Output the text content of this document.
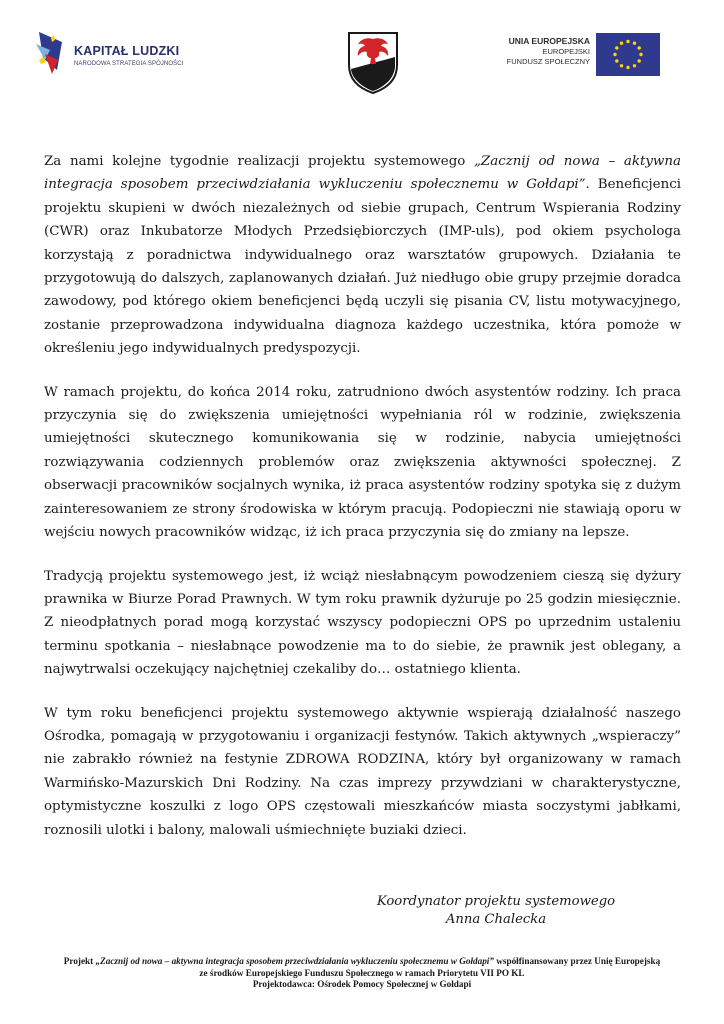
KAPITAŁ LUDZKI
NARODOWA STRATEGIA SPÓJNOŚCI
UNIA EUROPEJSKA
EUROPEJSKI
FUNDUSZ SPOŁECZNY

Za nami kolejne tygodnie realizacji projektu systemowego „Zacznij od nowa – aktywna integracja sposobem przeciwdziałania wykluczeniu społecznemu w Gołdapi”. Beneficjenci projektu skupieni w dwóch niezależnych od siebie grupach, Centrum Wspierania Rodziny (CWR) oraz Inkubatorze Młodych Przedsiębiorczych (IMP-uls), pod okiem psychologa korzystają z poradnictwa indywidualnego oraz warsztatów grupowych. Działania te przygotowują do dalszych, zaplanowanych działań. Już niedługo obie grupy przejmie doradca zawodowy, pod którego okiem beneficjenci będą uczyli się pisania CV, listu motywacyjnego, zostanie przeprowadzona indywidualna diagnoza każdego uczestnika, która pomoże w określeniu jego indywidualnych predyspozycji.

W ramach projektu, do końca 2014 roku, zatrudniono dwóch asystentów rodziny. Ich praca przyczynia się do zwiększenia umiejętności wypełniania ról w rodzinie, zwiększenia umiejętności skutecznego komunikowania się w rodzinie, nabycia umiejętności rozwiązywania codziennych problemów oraz zwiększenia aktywności społecznej. Z obserwacji pracowników socjalnych wynika, iż praca asystentów rodziny spotyka się z dużym zainteresowaniem ze strony środowiska w którym pracują. Podopieczni nie stawiają oporu w wejściu nowych pracowników widząc, iż ich praca przyczynia się do zmiany na lepsze.

Tradycją projektu systemowego jest, iż wciąż niesłabnącym powodzeniem cieszą się dyżury prawnika w Biurze Porad Prawnych. W tym roku prawnik dyżuruje po 25 godzin miesięcznie. Z nieodpłatnych porad mogą korzystać wszyscy podopieczni OPS po uprzednim ustaleniu terminu spotkania – niesłabnące powodzenie ma to do siebie, że prawnik jest oblegany, a najwytrwalsi oczekujący najchętniej czekaliby do… ostatniego klienta.

W tym roku beneficjenci projektu systemowego aktywnie wspierają działalność naszego Ośrodka, pomagają w przygotowaniu i organizacji festynów. Takich aktywnych „wspieraczy” nie zabrakło również na festynie ZDROWA RODZINA, który był organizowany w ramach Warmińsko-Mazurskich Dni Rodziny. Na czas imprezy przywdziani w charakterystyczne, optymistyczne koszulki z logo OPS częstowali mieszkańców miasta soczystymi jabłkami, roznosili ulotki i balony, malowali uśmiechnięte buziaki dzieci.

Koordynator projektu systemowego
Anna Chalecka
Projekt „Zacznij od nowa – aktywna integracja sposobem przeciwdziałania wykluczeniu społecznemu w Gołdapi” współfinansowany przez Unię Europejską
ze środków Europejskiego Funduszu Społecznego w ramach Priorytetu VII PO KL
Projektodawca: Ośrodek Pomocy Społecznej w Gołdapi
